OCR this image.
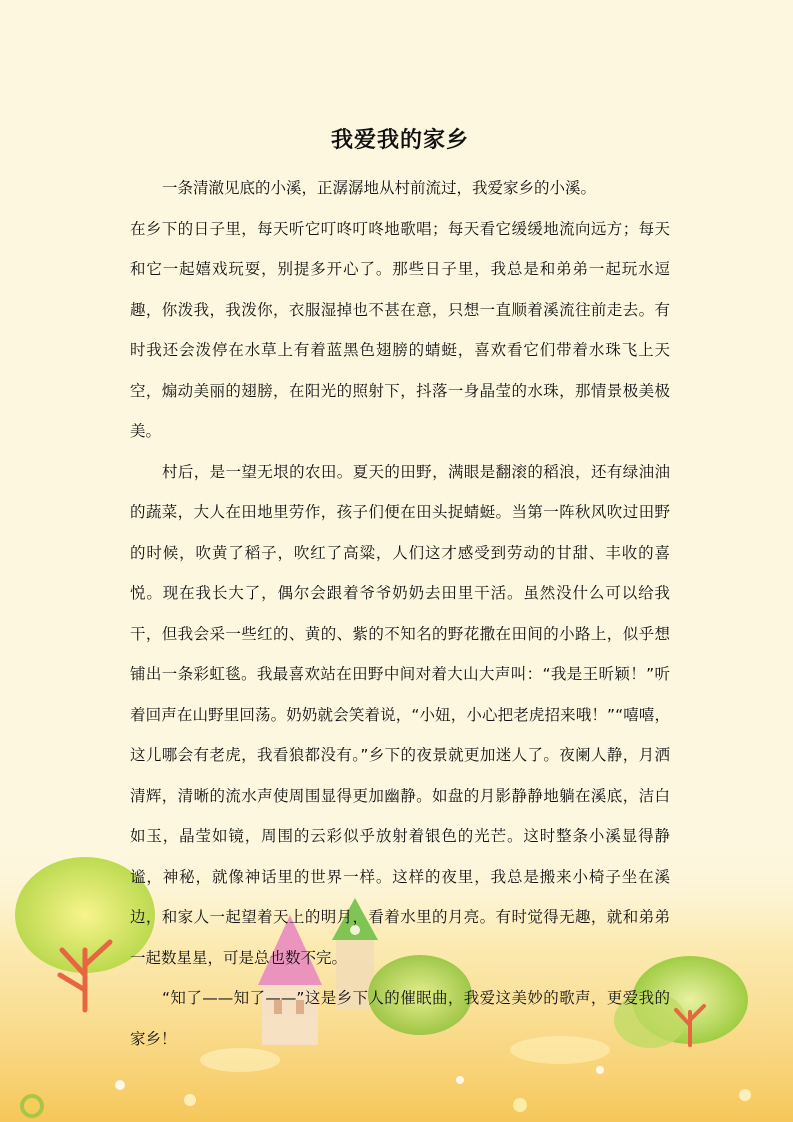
我爱我的家乡

一条清澈见底的小溪，正潺潺地从村前流过，我爱家乡的小溪。

在乡下的日子里，每天听它叮咚叮咚地歌唱；每天看它缓缓地流向远方；每天和它一起嬉戏玩耍，别提多开心了。那些日子里，我总是和弟弟一起玩水逗趣，你泼我，我泼你，衣服湿掉也不甚在意，只想一直顺着溪流往前走去。有时我还会泼停在水草上有着蓝黑色翅膀的蜻蜓，喜欢看它们带着水珠飞上天空，煽动美丽的翅膀，在阳光的照射下，抖落一身晶莹的水珠，那情景极美极美。

村后，是一望无垠的农田。夏天的田野，满眼是翻滚的稻浪，还有绿油油的蔬菜，大人在田地里劳作，孩子们便在田头捉蜻蜓。当第一阵秋风吹过田野的时候，吹黄了稻子，吹红了高粱，人们这才感受到劳动的甘甜、丰收的喜悦。现在我长大了，偶尔会跟着爷爷奶奶去田里干活。虽然没什么可以给我干，但我会采一些红的、黄的、紫的不知名的野花撒在田间的小路上，似乎想铺出一条彩虹毯。我最喜欢站在田野中间对着大山大声叫：“我是王昕颖！”听着回声在山野里回荡。奶奶就会笑着说，“小妞，小心把老虎招来哦！”“嘻嘻，这儿哪会有老虎，我看狼都没有。”乡下的夜景就更加迷人了。夜阑人静，月洒清辉，清晰的流水声使周围显得更加幽静。如盘的月影静静地躺在溪底，洁白如玉，晶莹如镜，周围的云彩似乎放射着银色的光芒。这时整条小溪显得静谧，神秘，就像神话里的世界一样。这样的夜里，我总是搬来小椅子坐在溪边，和家人一起望着天上的明月，看着水里的月亮。有时觉得无趣，就和弟弟一起数星星，可是总也数不完。

“知了——知了——”这是乡下人的催眠曲，我爱这美妙的歌声，更爱我的家乡！
